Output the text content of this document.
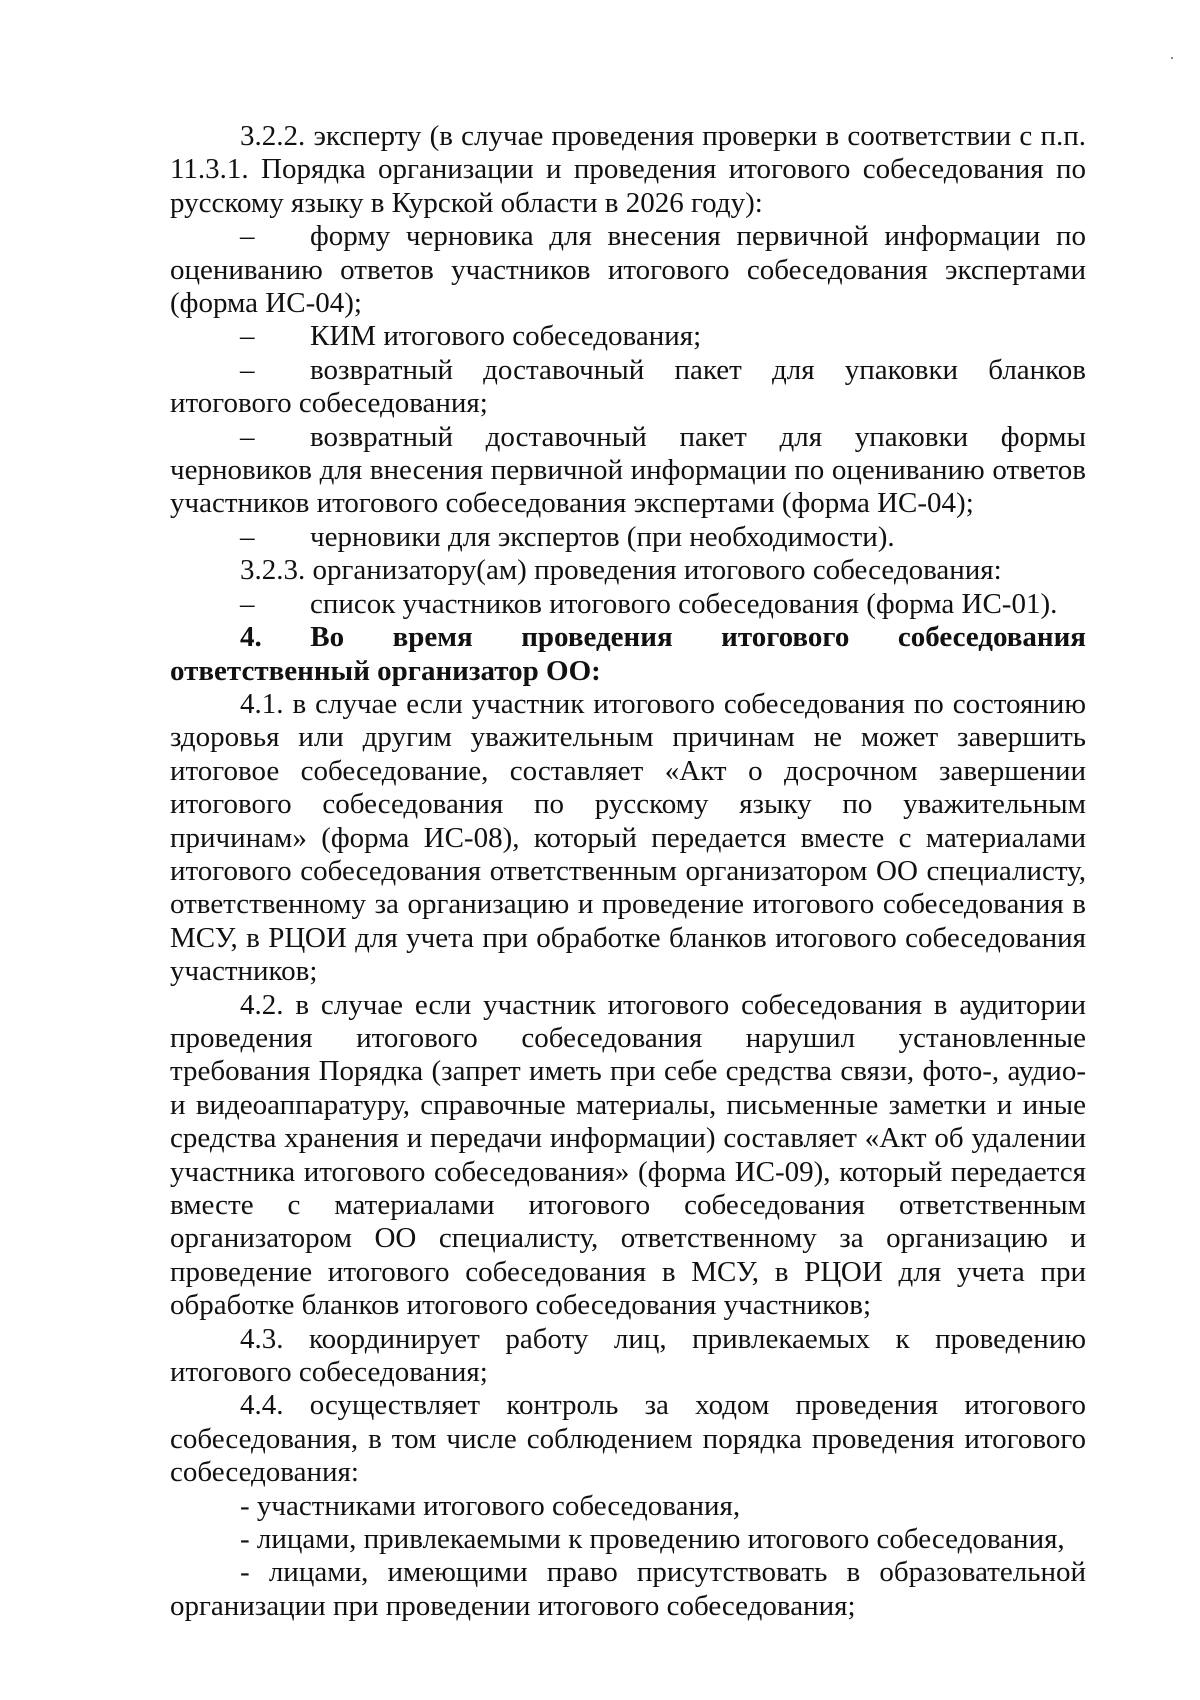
3.2.2. эксперту (в случае проведения проверки в соответствии с п.п. 11.3.1. Порядка организации и проведения итогового собеседования по русскому языку в Курской области в 2026 году):

– форму черновика для внесения первичной информации по оцениванию ответов участников итогового собеседования экспертами (форма ИС-04);

– КИМ итогового собеседования;

– возвратный доставочный пакет для упаковки бланков итогового собеседования;

– возвратный доставочный пакет для упаковки формы черновиков для внесения первичной информации по оцениванию ответов участников итогового собеседования экспертами (форма ИС-04);

– черновики для экспертов (при необходимости).

3.2.3. организатору(ам) проведения итогового собеседования:

– список участников итогового собеседования (форма ИС-01).

4. Во время проведения итогового собеседования ответственный организатор ОО:

4.1. в случае если участник итогового собеседования по состоянию здоровья или другим уважительным причинам не может завершить итоговое собеседование, составляет «Акт о досрочном завершении итогового собеседования по русскому языку по уважительным причинам» (форма ИС-08), который передается вместе с материалами итогового собеседования ответственным организатором ОО специалисту, ответственному за организацию и проведение итогового собеседования в МСУ, в РЦОИ для учета при обработке бланков итогового собеседования участников;

4.2. в случае если участник итогового собеседования в аудитории проведения итогового собеседования нарушил установленные требования Порядка (запрет иметь при себе средства связи, фото-, аудио- и видеоаппаратуру, справочные материалы, письменные заметки и иные средства хранения и передачи информации) составляет «Акт об удалении участника итогового собеседования» (форма ИС-09), который передается вместе с материалами итогового собеседования ответственным организатором ОО специалисту, ответственному за организацию и проведение итогового собеседования в МСУ, в РЦОИ для учета при обработке бланков итогового собеседования участников;

4.3. координирует работу лиц, привлекаемых к проведению итогового собеседования;

4.4. осуществляет контроль за ходом проведения итогового собеседования, в том числе соблюдением порядка проведения итогового собеседования:

- участниками итогового собеседования,

- лицами, привлекаемыми к проведению итогового собеседования,

- лицами, имеющими право присутствовать в образовательной организации при проведении итогового собеседования;
